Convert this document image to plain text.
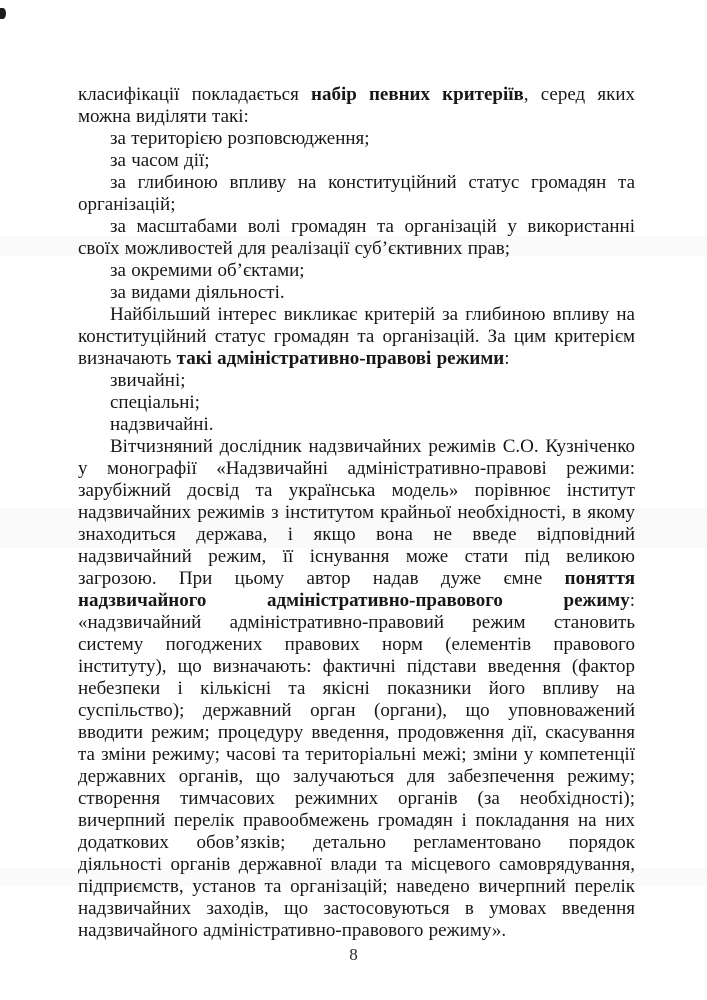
класифікації покладається набір певних критеріїв, серед яких можна виділяти такі:

за територією розповсюдження;

за часом дії;

за глибиною впливу на конституційний статус громадян та організацій;

за масштабами волі громадян та організацій у використанні своїх можливостей для реалізації суб’єктивних прав;

за окремими об’єктами;

за видами діяльності.

Найбільший інтерес викликає критерій за глибиною впливу на конституційний статус громадян та організацій. За цим критерієм визначають такі адміністративно-правові режими:

звичайні;

спеціальні;

надзвичайні.

Вітчизняний дослідник надзвичайних режимів С.О. Кузніченко у монографії «Надзвичайні адміністративно-правові режими: зарубіжний досвід та українська модель» порівнює інститут надзвичайних режимів з інститутом крайньої необхідності, в якому знаходиться держава, і якщо вона не введе відповідний надзвичайний режим, її існування може стати під великою загрозою. При цьому автор надав дуже ємне поняття надзвичайного адміністративно-правового режиму: «надзвичайний адміністративно-правовий режим становить систему погоджених правових норм (елементів правового інституту), що визначають: фактичні підстави введення (фактор небезпеки і кількісні та якісні показники його впливу на суспільство); державний орган (органи), що уповноважений вводити режим; процедуру введення, продовження дії, скасування та зміни режиму; часові та територіальні межі; зміни у компетенції державних органів, що залучаються для забезпечення режиму; створення тимчасових режимних органів (за необхідності); вичерпний перелік правообмежень громадян і покладання на них додаткових обов’язків; детально регламентовано порядок діяльності органів державної влади та місцевого самоврядування, підприємств, установ та організацій; наведено вичерпний перелік надзвичайних заходів, що застосовуються в умовах введення надзвичайного адміністративно-правового режиму».

8
